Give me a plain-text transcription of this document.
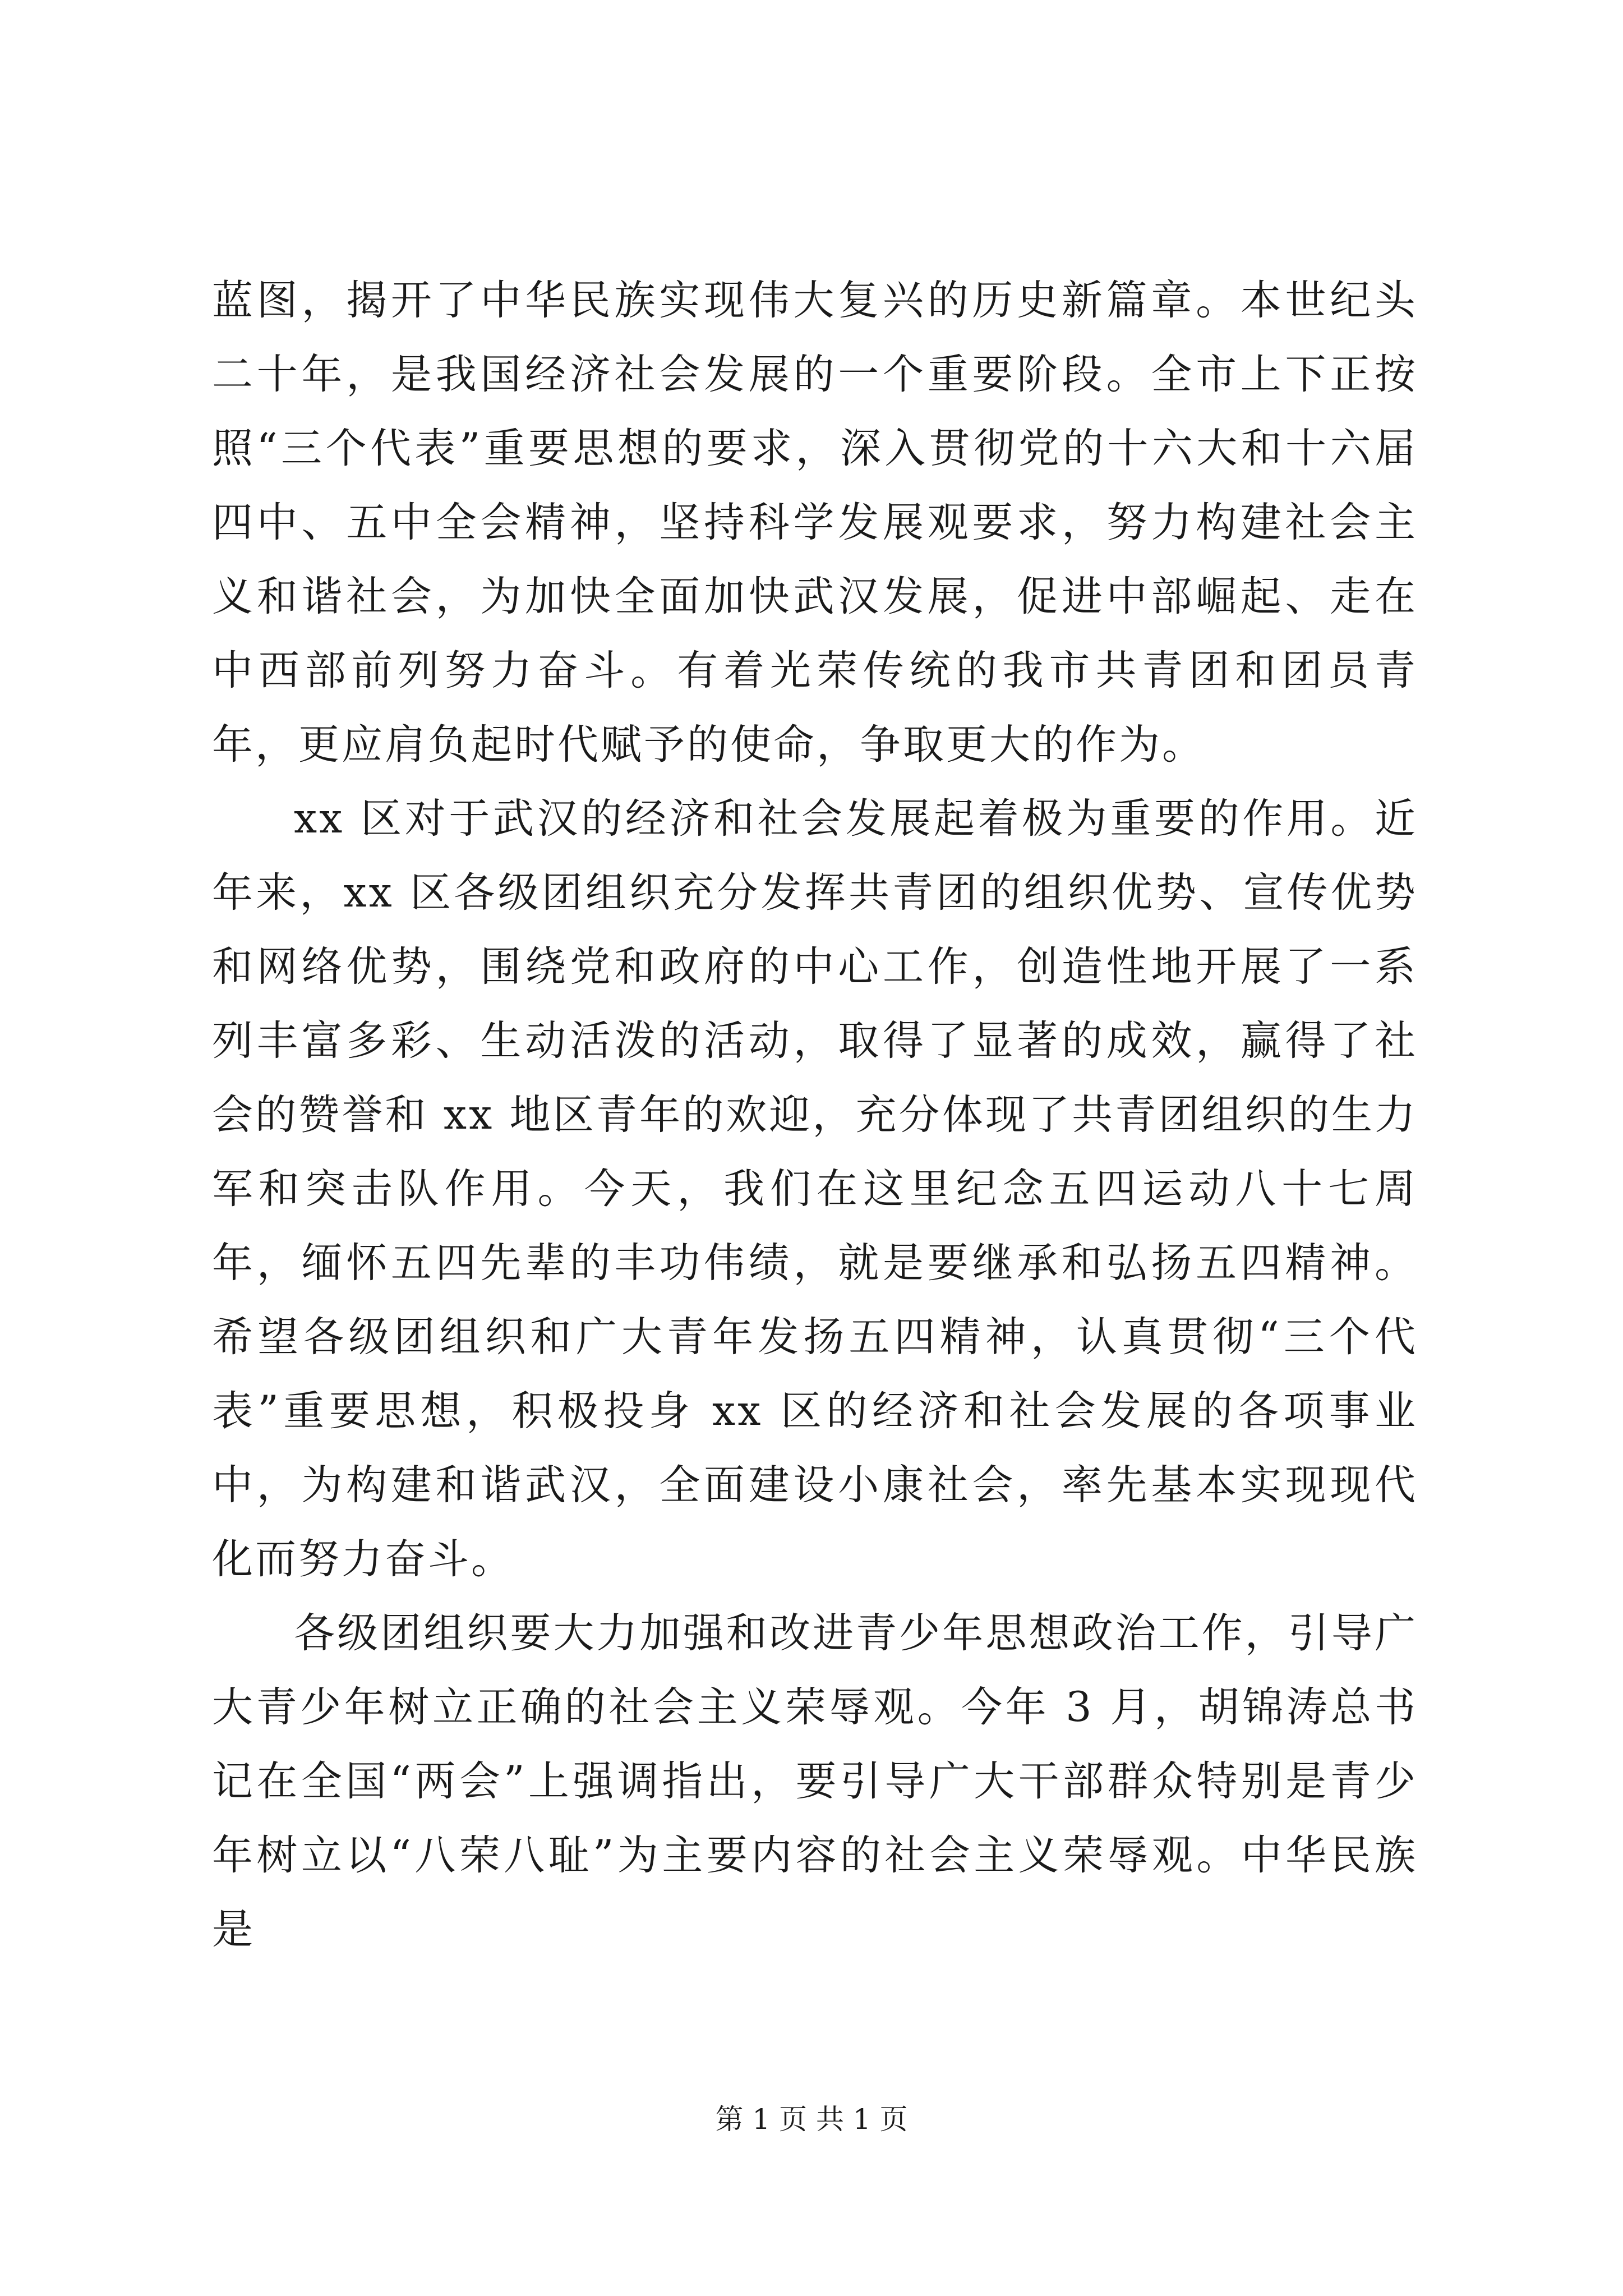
蓝图，揭开了中华民族实现伟大复兴的历史新篇章。本世纪头二十年，是我国经济社会发展的一个重要阶段。全市上下正按照“三个代表”重要思想的要求，深入贯彻党的十六大和十六届四中、五中全会精神，坚持科学发展观要求，努力构建社会主义和谐社会，为加快全面加快武汉发展，促进中部崛起、走在中西部前列努力奋斗。有着光荣传统的我市共青团和团员青年，更应肩负起时代赋予的使命，争取更大的作为。

xx 区对于武汉的经济和社会发展起着极为重要的作用。近年来，xx 区各级团组织充分发挥共青团的组织优势、宣传优势和网络优势，围绕党和政府的中心工作，创造性地开展了一系列丰富多彩、生动活泼的活动，取得了显著的成效，赢得了社会的赞誉和 xx 地区青年的欢迎，充分体现了共青团组织的生力军和突击队作用。今天，我们在这里纪念五四运动八十七周年，缅怀五四先辈的丰功伟绩，就是要继承和弘扬五四精神。希望各级团组织和广大青年发扬五四精神，认真贯彻“三个代表”重要思想，积极投身 xx 区的经济和社会发展的各项事业中，为构建和谐武汉，全面建设小康社会，率先基本实现现代化而努力奋斗。

各级团组织要大力加强和改进青少年思想政治工作，引导广大青少年树立正确的社会主义荣辱观。今年 3 月，胡锦涛总书记在全国“两会”上强调指出，要引导广大干部群众特别是青少年树立以“八荣八耻”为主要内容的社会主义荣辱观。中华民族是

第 1 页 共 1 页
